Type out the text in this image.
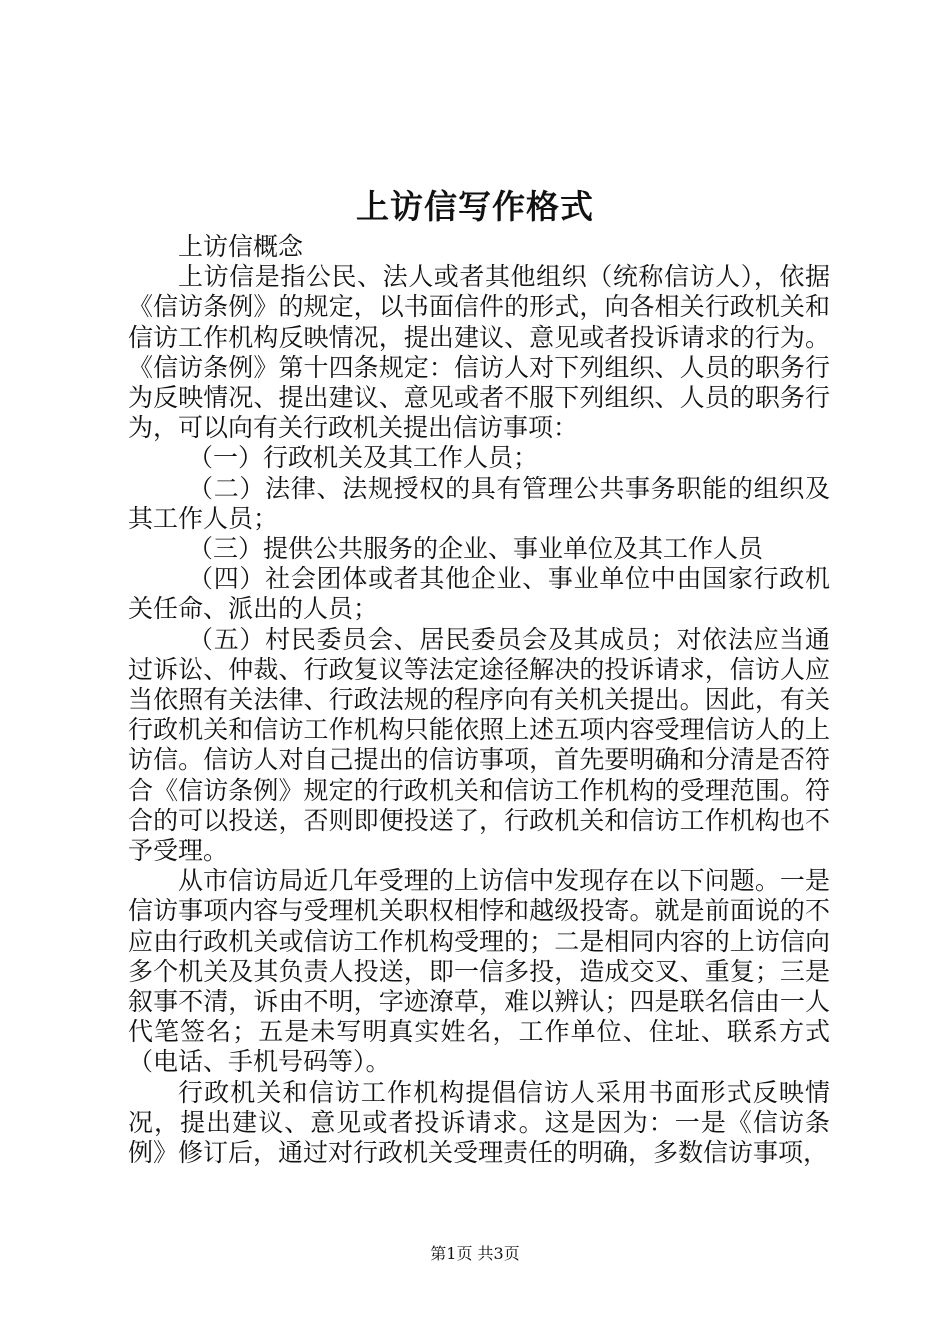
上访信写作格式

上访信概念

上访信是指公民、法人或者其他组织（统称信访人），依据《信访条例》的规定，以书面信件的形式，向各相关行政机关和信访工作机构反映情况，提出建议、意见或者投诉请求的行为。《信访条例》第十四条规定：信访人对下列组织、人员的职务行为反映情况、提出建议、意见或者不服下列组织、人员的职务行为，可以向有关行政机关提出信访事项：

（一）行政机关及其工作人员；

（二）法律、法规授权的具有管理公共事务职能的组织及其工作人员；

（三）提供公共服务的企业、事业单位及其工作人员

（四）社会团体或者其他企业、事业单位中由国家行政机关任命、派出的人员；

（五）村民委员会、居民委员会及其成员；对依法应当通过诉讼、仲裁、行政复议等法定途径解决的投诉请求，信访人应当依照有关法律、行政法规的程序向有关机关提出。因此，有关行政机关和信访工作机构只能依照上述五项内容受理信访人的上访信。信访人对自己提出的信访事项，首先要明确和分清是否符合《信访条例》规定的行政机关和信访工作机构的受理范围。符合的可以投送，否则即便投送了，行政机关和信访工作机构也不予受理。

从市信访局近几年受理的上访信中发现存在以下问题。一是信访事项内容与受理机关职权相悖和越级投寄。就是前面说的不应由行政机关或信访工作机构受理的；二是相同内容的上访信向多个机关及其负责人投送，即一信多投，造成交叉、重复；三是叙事不清，诉由不明，字迹潦草，难以辨认；四是联名信由一人代笔签名；五是未写明真实姓名，工作单位、住址、联系方式（电话、手机号码等）。

行政机关和信访工作机构提倡信访人采用书面形式反映情况，提出建议、意见或者投诉请求。这是因为：一是《信访条例》修订后，通过对行政机关受理责任的明确，多数信访事项，

第1页 共3页
